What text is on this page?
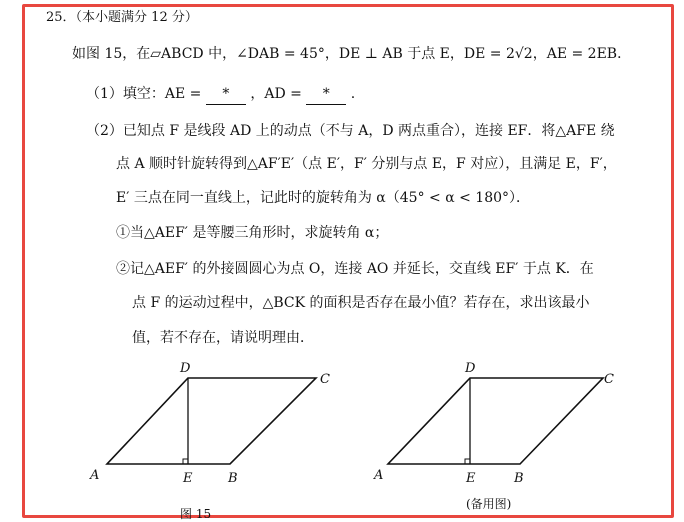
25．（本小题满分 12 分）
如图 15，在▱ABCD 中，∠DAB = 45°，DE ⊥ AB 于点 E，DE = 2√2，AE = 2EB．
（1）填空：AE = * ，AD = * .
（2）已知点 F 是线段 AD 上的动点（不与 A，D 两点重合），连接 EF．将△AFE 绕
点 A 顺时针旋转得到△AF′E′（点 E′，F′ 分别与点 E，F 对应），且满足 E，F′，
E′ 三点在同一直线上，记此时的旋转角为 α（45° < α < 180°）．
①当△AEF′ 是等腰三角形时，求旋转角 α；
②记△AEF′ 的外接圆圆心为点 O，连接 AO 并延长，交直线 EF′ 于点 K．在
点 F 的运动过程中，△BCK 的面积是否存在最小值？若存在，求出该最小
值，若不存在，请说明理由．
A	B
C
D
E
图 15
A	B
C
D
E
(备用图)
